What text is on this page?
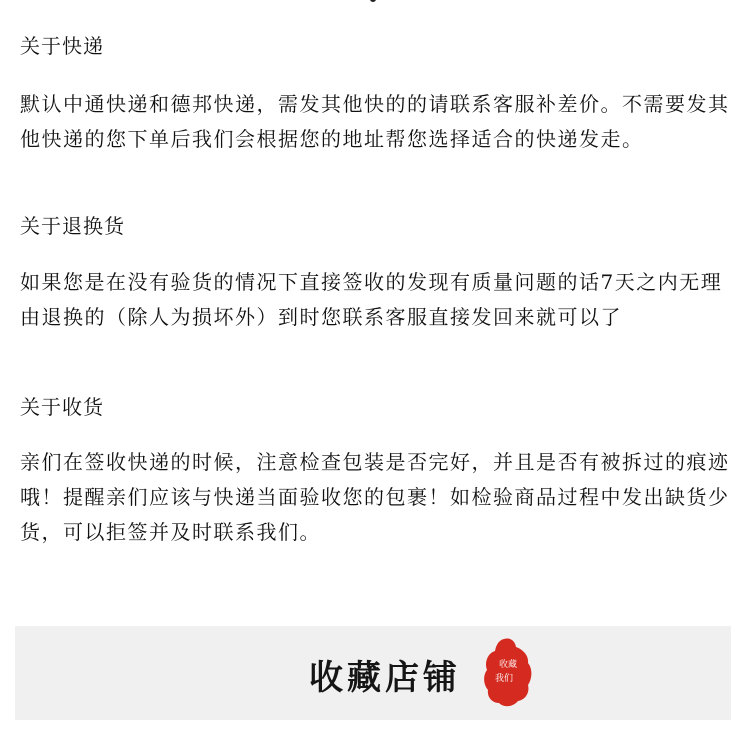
关于快递
默认中通快递和德邦快递，需发其他快的的请联系客服补差价。不需要发其他快递的您下单后我们会根据您的地址帮您选择适合的快递发走。
关于退换货
如果您是在没有验货的情况下直接签收的发现有质量问题的话7天之内无理由退换的（除人为损坏外）到时您联系客服直接发回来就可以了
关于收货
亲们在签收快递的时候，注意检查包装是否完好，并且是否有被拆过的痕迹哦！提醒亲们应该与快递当面验收您的包裹！如检验商品过程中发出缺货少货，可以拒签并及时联系我们。
收藏店铺	收藏
我们
